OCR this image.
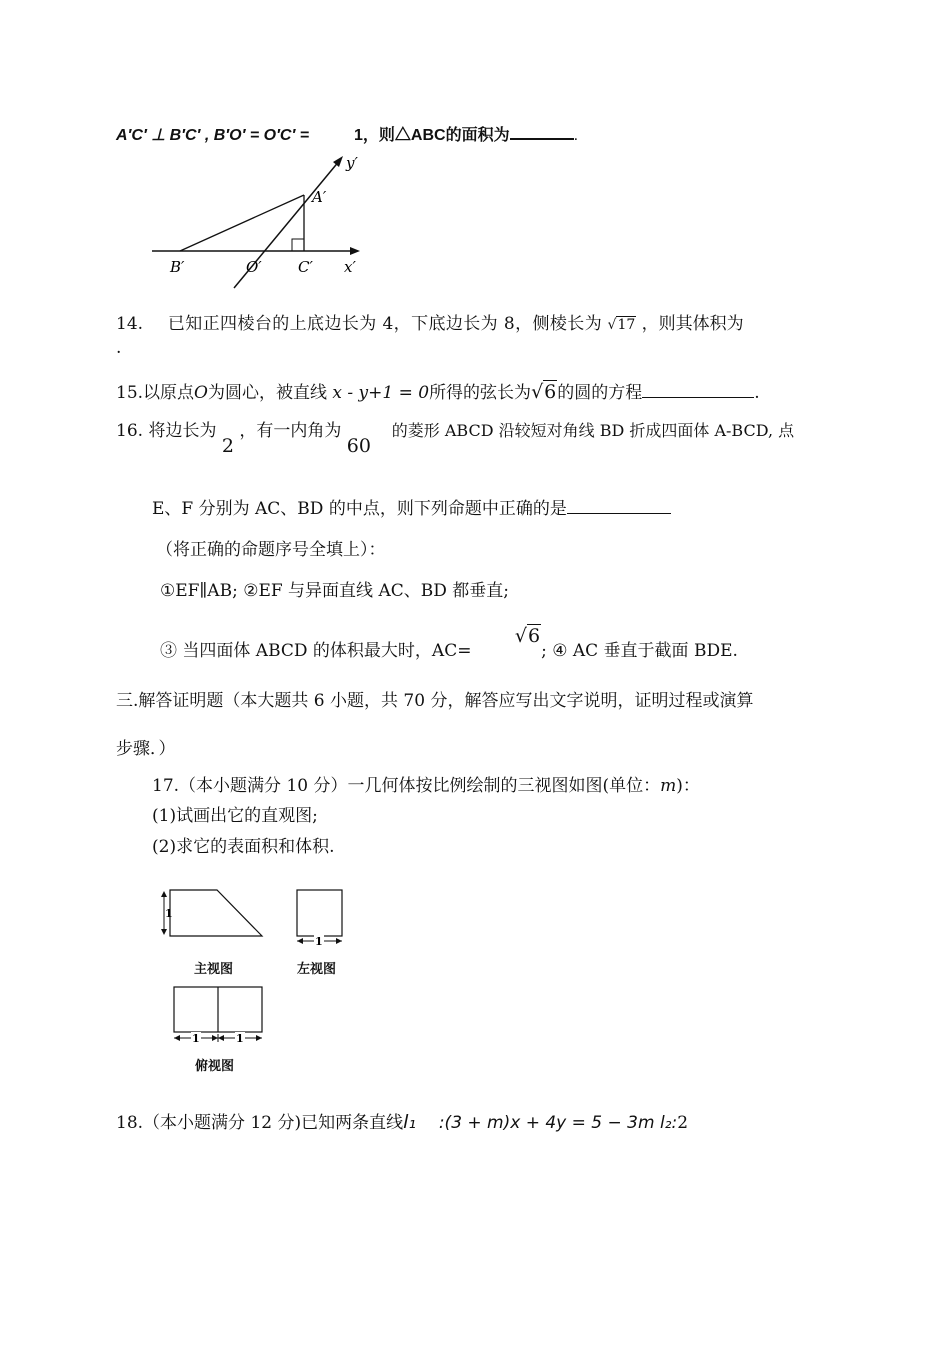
A′C′ ⊥ B′C′ , B′O′ = O′C′ =	1，则△ABC的面积为	.
y′
A′
B′	O′ C′ x′
14. 已知正四棱台的上底边长为 4，下底边长为 8，侧棱长为 √17 ，则其体积为
.
15.以原点O为圆心，被直线 x - y+1 = 0所得的弦长为√6的圆的方程	.
16. 将边长为 2 ，有一内角为 60  的菱形 ABCD 沿较短对角线 BD 折成四面体 A-BCD, 点
E、F 分别为 AC、BD 的中点，则下列命题中正确的是
（将正确的命题序号全填上）：
①EF∥AB; ②EF 与异面直线 AC、BD 都垂直;
③ 当四面体 ABCD 的体积最大时，AC= √6; ④ AC 垂直于截面 BDE.
三.解答证明题（本大题共 6 小题，共 70 分，解答应写出文字说明，证明过程或演算
步骤．）
17.（本小题满分 10 分）一几何体按比例绘制的三视图如图(单位：m)：
(1)试画出它的直观图;
(2)求它的表面积和体积.
1
1
主视图	左视图
1	1
俯视图
18.（本小题满分 12 分)已知两条直线l₁ :(3 + m)x + 4y = 5 − 3m l₂:2
